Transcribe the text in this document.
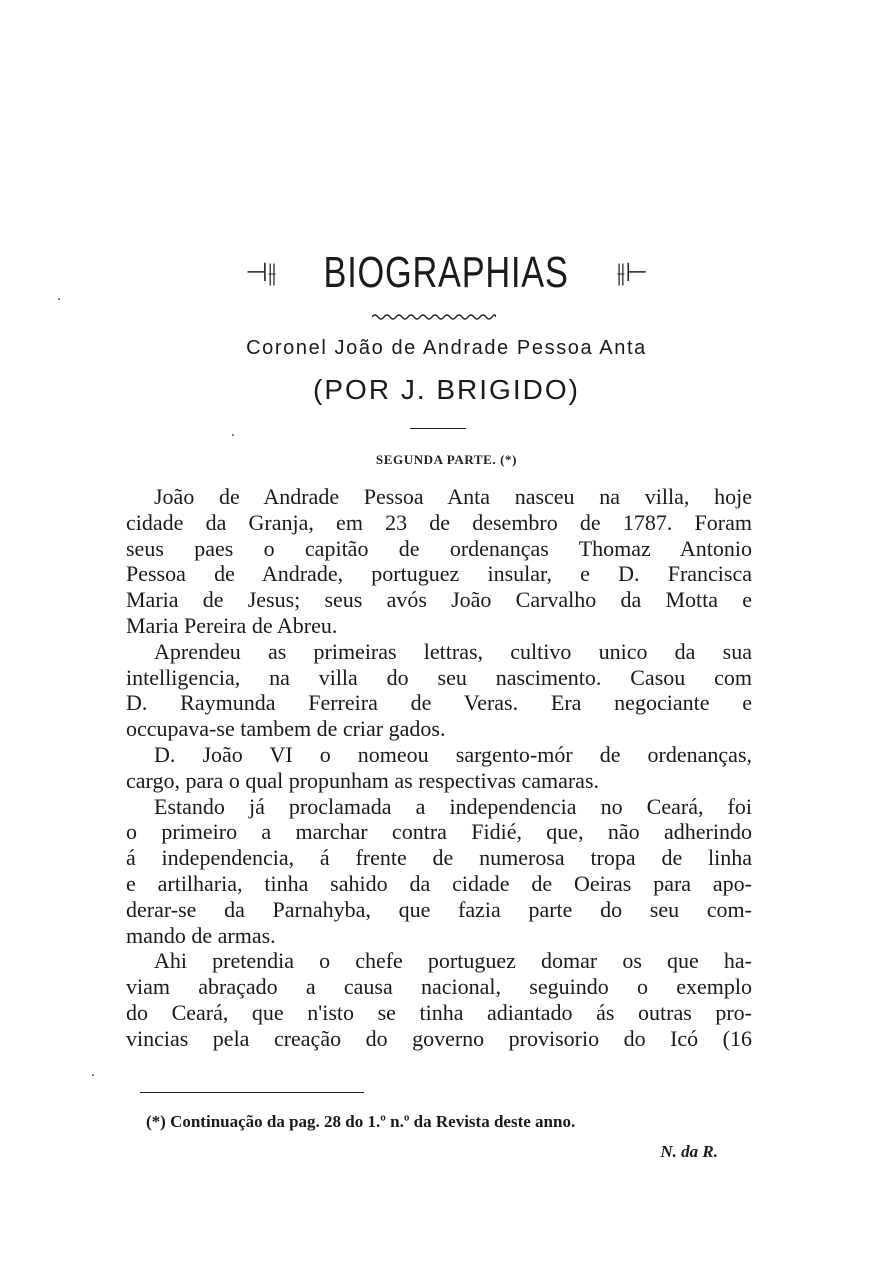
⊣⫲ BIOGRAPHIAS ⫲⊢
Coronel João de Andrade Pessoa Anta
(POR J. BRIGIDO)
SEGUNDA PARTE. (*)
João de Andrade Pessoa Anta nasceu na villa, hoje
cidade da Granja, em 23 de desembro de 1787. Foram
seus paes o capitão de ordenanças Thomaz Antonio
Pessoa de Andrade, portuguez insular, e D. Francisca
Maria de Jesus; seus avós João Carvalho da Motta e
Maria Pereira de Abreu.
Aprendeu as primeiras lettras, cultivo unico da sua
intelligencia, na villa do seu nascimento. Casou com
D. Raymunda Ferreira de Veras. Era negociante e
occupava-se tambem de criar gados.
D. João VI o nomeou sargento-mór de ordenanças,
cargo, para o qual propunham as respectivas camaras.
Estando já proclamada a independencia no Ceará, foi
o primeiro a marchar contra Fidié, que, não adherindo
á independencia, á frente de numerosa tropa de linha
e artilharia, tinha sahido da cidade de Oeiras para apo-
derar-se da Parnahyba, que fazia parte do seu com-
mando de armas.
Ahi pretendia o chefe portuguez domar os que ha-
viam abraçado a causa nacional, seguindo o exemplo
do Ceará, que n'isto se tinha adiantado ás outras pro-
vincias pela creação do governo provisorio do Icó (16
(*) Continuação da pag. 28 do 1.º n.º da Revista deste anno.
N. da R.
